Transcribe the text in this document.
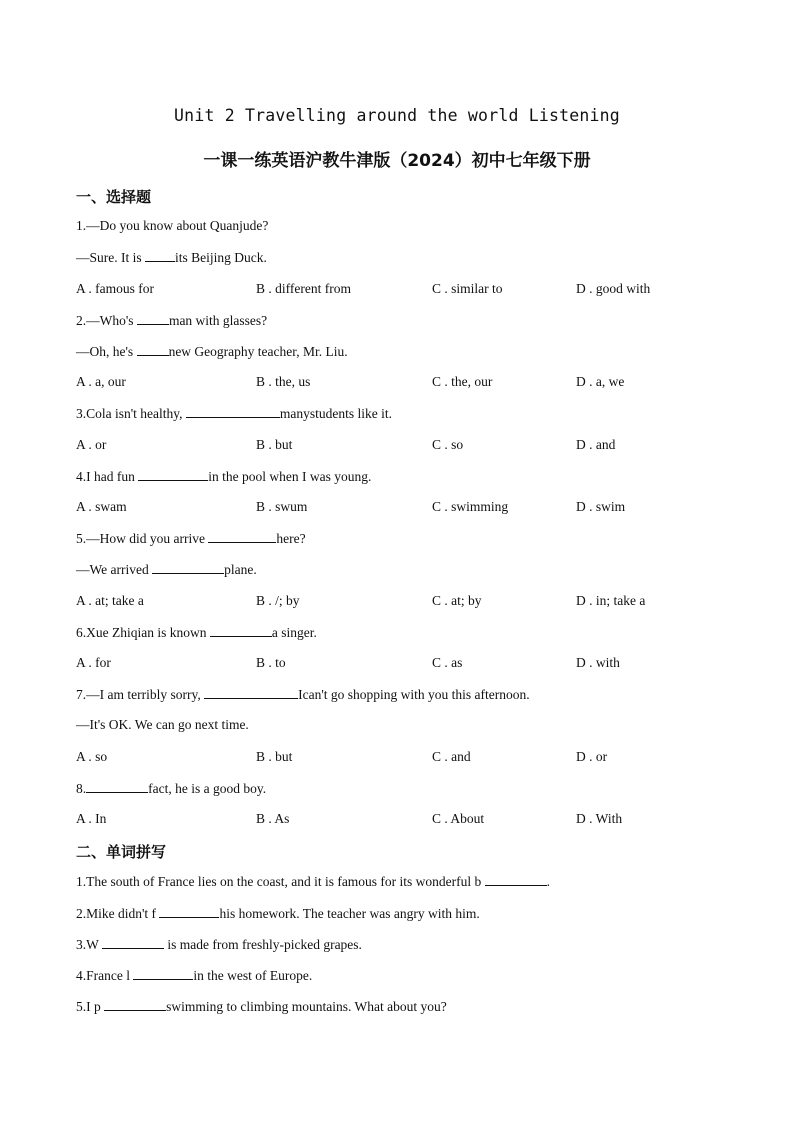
Unit 2 Travelling around the world Listening
一课一练英语沪教牛津版（2024）初中七年级下册
一、选择题
1.—Do you know about Quanjude?
—Sure. It is its Beijing Duck.
A . famous for	B . different from	C . similar to	D . good with
2.—Who's man with glasses?
—Oh, he's new Geography teacher, Mr. Liu.
A . a, our	B . the, us	C . the, our	D . a, we
3.Cola isn't healthy,	manystudents like it.
A . or	B . but	C . so	D . and
4.I had fun	in the pool when I was young.
A . swam	B . swum	C . swimming	D . swim
5.—How did you arrive	here?
—We arrived	plane.
A . at; take a	B . /; by	C . at; by	D . in; take a
6.Xue Zhiqian is known	a singer.
A . for	B . to	C . as	D . with
7.—I am terribly sorry,	Ican't go shopping with you this afternoon.
—It's OK. We can go next time.
A . so	B . but	C . and	D . or
8.	fact, he is a good boy.
A . In	B . As	C . About	D . With
二、单词拼写
1.The south of France lies on the coast, and it is famous for its wonderful b	.
2.Mike didn't f	his homework. The teacher was angry with him.
3.W	is made from freshly-picked grapes.
4.France l	in the west of Europe.
5.I p	swimming to climbing mountains. What about you?
